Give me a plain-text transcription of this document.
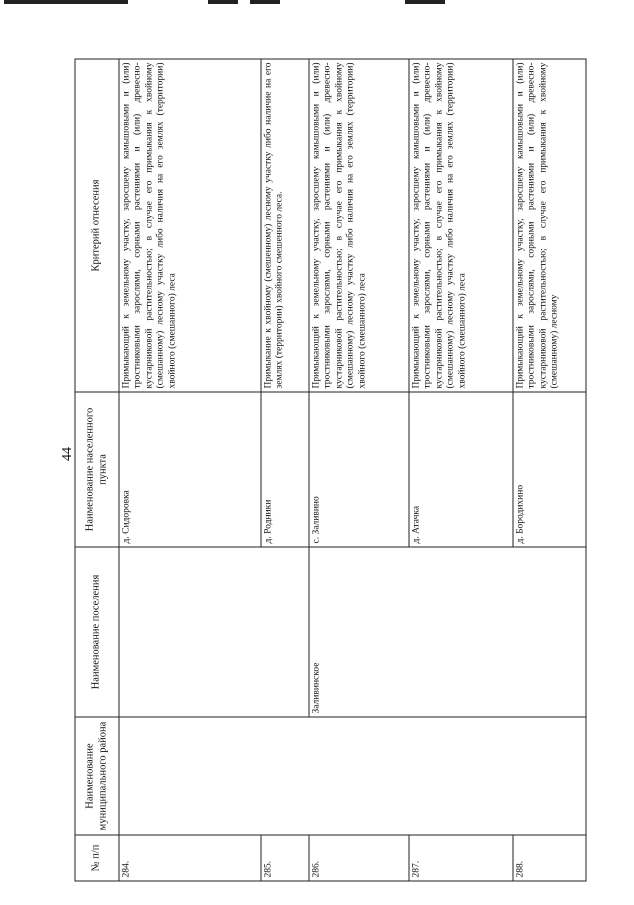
44
№ п/п	Наименование муниципального района	Наименование поселения	Наименование населенного пункта	Критерий отнесения
284.			д. Сидоровка	Примыкающий к земельному участку, заросшему камышовыми и (или) тростниковыми зарослями, сорными растениями и (или) древесно-кустарниковой растительностью; в случае его примыкания к хвойному (смешанному) лесному участку либо наличия на его землях (территории) хвойного (смешанного) леса
285.			д. Родники	Примыкание к хвойному (смешенному) лесному участку либо наличие на его землях (территории) хвойного смешенного леса.
286.		Заливинское	с. Заливино	Примыкающий к земельному участку, заросшему камышовыми и (или) тростниковыми зарослями, сорными растениями и (или) древесно-кустарниковой растительностью; в случае его примыкания к хвойному (смешанному) лесному участку либо наличия на его землях (территории) хвойного (смешанного) леса
287.			д. Атачка	Примыкающий к земельному участку, заросшему камышовыми и (или) тростниковыми зарослями, сорными растениями и (или) древесно-кустарниковой растительностью; в случае его примыкания к хвойному (смешанному) лесному участку либо наличия на его землях (территории) хвойного (смешанного) леса
288.			д. Бородихино	Примыкающий к земельному участку, заросшему камышовыми и (или) тростниковыми зарослями, сорными растениями и (или) древесно-кустарниковой растительностью; в случае его примыкания к хвойному (смешанному) лесному
